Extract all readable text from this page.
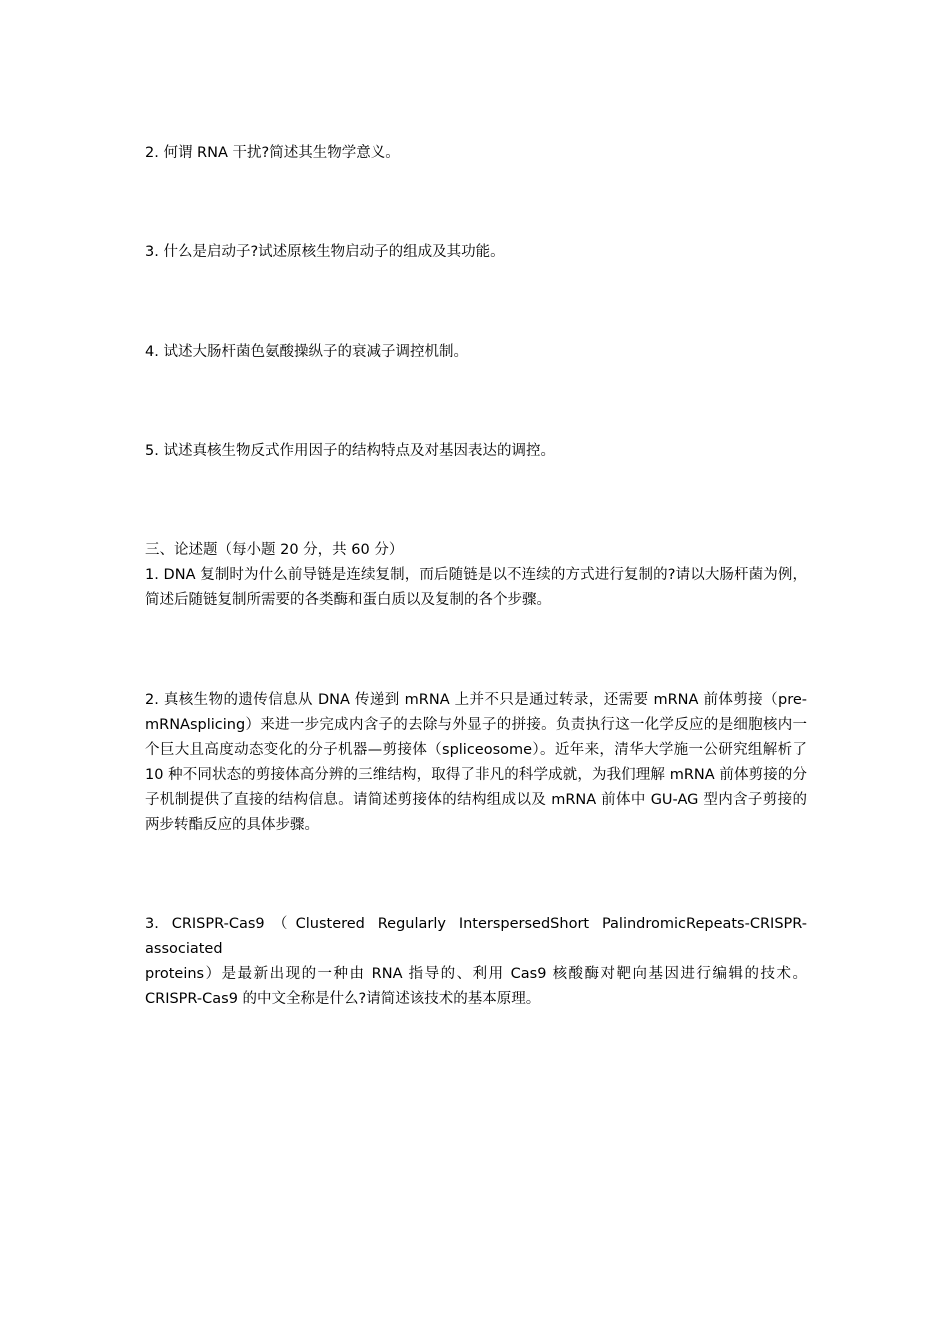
2. 何谓 RNA 干扰?简述其生物学意义。

3. 什么是启动子?试述原核生物启动子的组成及其功能。

4. 试述大肠杆菌色氨酸操纵子的衰减子调控机制。

5. 试述真核生物反式作用因子的结构特点及对基因表达的调控。

三、论述题（每小题 20 分，共 60 分）

1. DNA 复制时为什么前导链是连续复制，而后随链是以不连续的方式进行复制的?请以大肠杆菌为例，简述后随链复制所需要的各类酶和蛋白质以及复制的各个步骤。

2. 真核生物的遗传信息从 DNA 传递到 mRNA 上并不只是通过转录，还需要 mRNA 前体剪接（pre-mRNAsplicing）来进一步完成内含子的去除与外显子的拼接。负责执行这一化学反应的是细胞核内一个巨大且高度动态变化的分子机器—剪接体（spliceosome）。近年来，清华大学施一公研究组解析了 10 种不同状态的剪接体高分辨的三维结构，取得了非凡的科学成就，为我们理解 mRNA 前体剪接的分子机制提供了直接的结构信息。请简述剪接体的结构组成以及 mRNA 前体中 GU-AG 型内含子剪接的两步转酯反应的具体步骤。

3. CRISPR-Cas9（Clustered Regularly InterspersedShort PalindromicRepeats-CRISPR-associated
proteins）是最新出现的一种由 RNA 指导的、利用 Cas9 核酸酶对靶向基因进行编辑的技术。CRISPR-Cas9 的中文全称是什么?请简述该技术的基本原理。
